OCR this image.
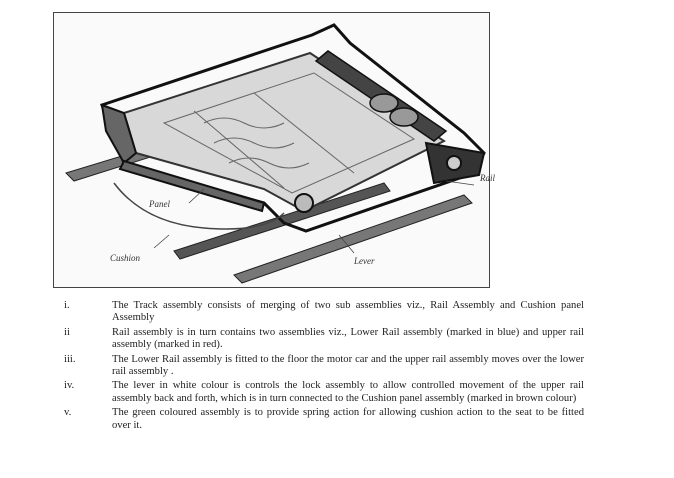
Rail
Panel
Cushion	Lever
i.	The Track assembly consists of merging of two sub assemblies viz., Rail Assembly and Cushion panel Assembly
ii	Rail assembly is in turn contains two assemblies viz., Lower Rail assembly (marked in blue) and upper rail assembly (marked in red).
iii.	The Lower Rail assembly is fitted to the floor the motor car and the upper rail assembly moves over the lower rail assembly .
iv.	The lever in white colour is controls the lock assembly to allow controlled movement of the upper rail assembly back and forth, which is in turn connected to the Cushion panel assembly (marked in brown colour)
v.	The green coloured assembly is to provide spring action for allowing cushion action to the seat to be fitted over it.
